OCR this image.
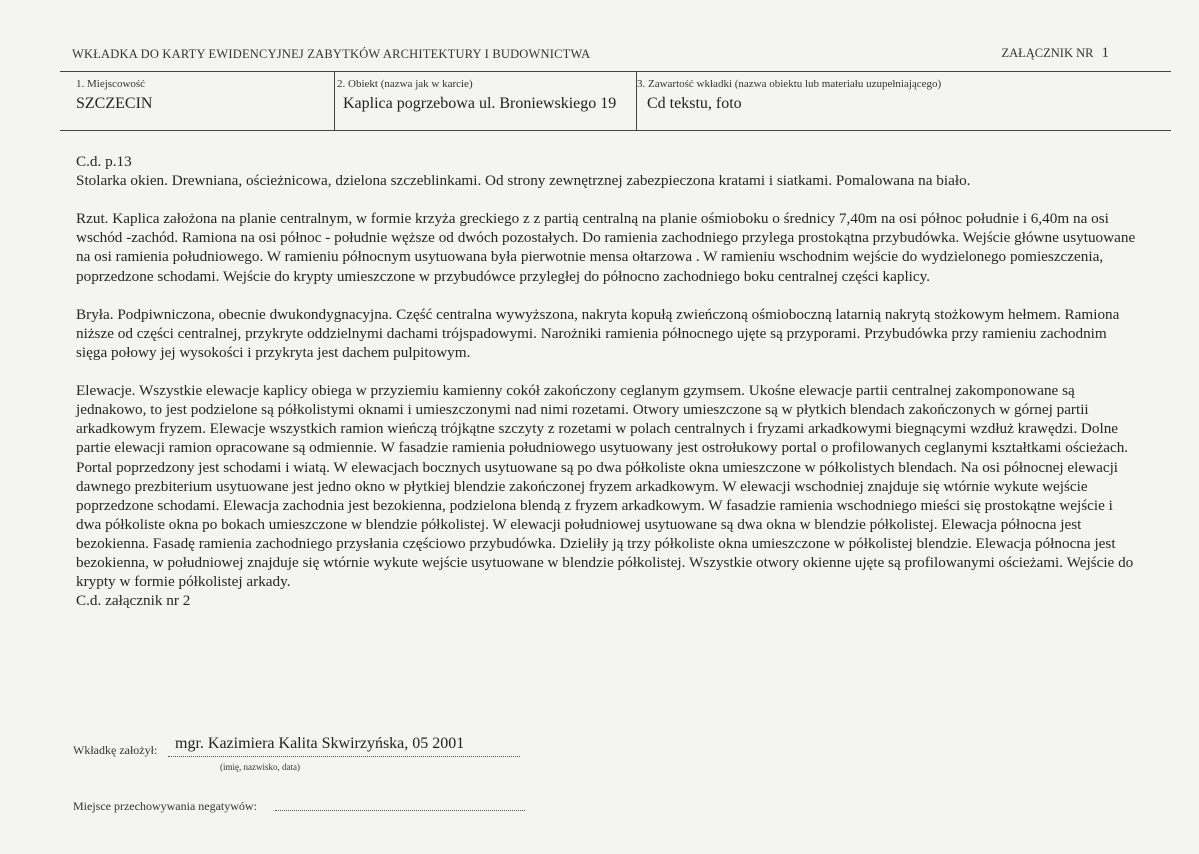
WKŁADKA DO KARTY EWIDENCYJNEJ ZABYTKÓW ARCHITEKTURY I BUDOWNICTWA	ZAŁĄCZNIK NR 1
1. Miejscowość
SZCZECIN
2. Obiekt (nazwa jak w karcie)
Kaplica pogrzebowa ul. Broniewskiego 19
3. Zawartość wkładki (nazwa obiektu lub materiału uzupełniającego)
Cd tekstu, foto

C.d. p.13
Stolarka okien. Drewniana, ościeżnicowa, dzielona szczeblinkami. Od strony zewnętrznej zabezpieczona kratami i siatkami. Pomalowana na biało.

Rzut. Kaplica założona na planie centralnym, w formie krzyża greckiego z z partią centralną na planie ośmioboku o średnicy 7,40m na osi północ południe i 6,40m na osi wschód -zachód. Ramiona na osi północ - południe węższe od dwóch pozostałych. Do ramienia zachodniego przylega prostokątna przybudówka. Wejście główne usytuowane na osi ramienia południowego. W ramieniu północnym usytuowana była pierwotnie mensa ołtarzowa . W ramieniu wschodnim wejście do wydzielonego pomieszczenia, poprzedzone schodami. Wejście do krypty umieszczone w przybudówce przyległej do północno zachodniego boku centralnej części kaplicy.

Bryła. Podpiwniczona, obecnie dwukondygnacyjna. Część centralna wywyższona, nakryta kopułą zwieńczoną ośmioboczną latarnią nakrytą stożkowym hełmem. Ramiona niższe od części centralnej, przykryte oddzielnymi dachami trójspadowymi. Narożniki ramienia północnego ujęte są przyporami. Przybudówka przy ramieniu zachodnim sięga połowy jej wysokości i przykryta jest dachem pulpitowym.

Elewacje. Wszystkie elewacje kaplicy obiega w przyziemiu kamienny cokół zakończony ceglanym gzymsem. Ukośne elewacje partii centralnej zakomponowane są jednakowo, to jest podzielone są półkolistymi oknami i umieszczonymi nad nimi rozetami. Otwory umieszczone są w płytkich blendach zakończonych w górnej partii arkadkowym fryzem. Elewacje wszystkich ramion wieńczą trójkątne szczyty z rozetami w polach centralnych i fryzami arkadkowymi biegnącymi wzdłuż krawędzi. Dolne partie elewacji ramion opracowane są odmiennie. W fasadzie ramienia południowego usytuowany jest ostrołukowy portal o profilowanych ceglanymi kształtkami ościeżach. Portal poprzedzony jest schodami i wiatą. W elewacjach bocznych usytuowane są po dwa półkoliste okna umieszczone w półkolistych blendach. Na osi północnej elewacji dawnego prezbiterium usytuowane jest jedno okno w płytkiej blendzie zakończonej fryzem arkadkowym. W elewacji wschodniej znajduje się wtórnie wykute wejście poprzedzone schodami. Elewacja zachodnia jest bezokienna, podzielona blendą z fryzem arkadkowym. W fasadzie ramienia wschodniego mieści się prostokątne wejście i dwa półkoliste okna po bokach umieszczone w blendzie półkolistej. W elewacji południowej usytuowane są dwa okna w blendzie półkolistej. Elewacja północna jest bezokienna. Fasadę ramienia zachodniego przysłania częściowo przybudówka. Dzieliły ją trzy półkoliste okna umieszczone w półkolistej blendzie. Elewacja północna jest bezokienna, w południowej znajduje się wtórnie wykute wejście usytuowane w blendzie półkolistej. Wszystkie otwory okienne ujęte są profilowanymi ościeżami. Wejście do krypty w formie półkolistej arkady.

C.d. załącznik nr 2

Wkładkę założył: mgr. Kazimiera Kalita Skwirzyńska, 05 2001
(imię, nazwisko, data)
Miejsce przechowywania negatywów:
